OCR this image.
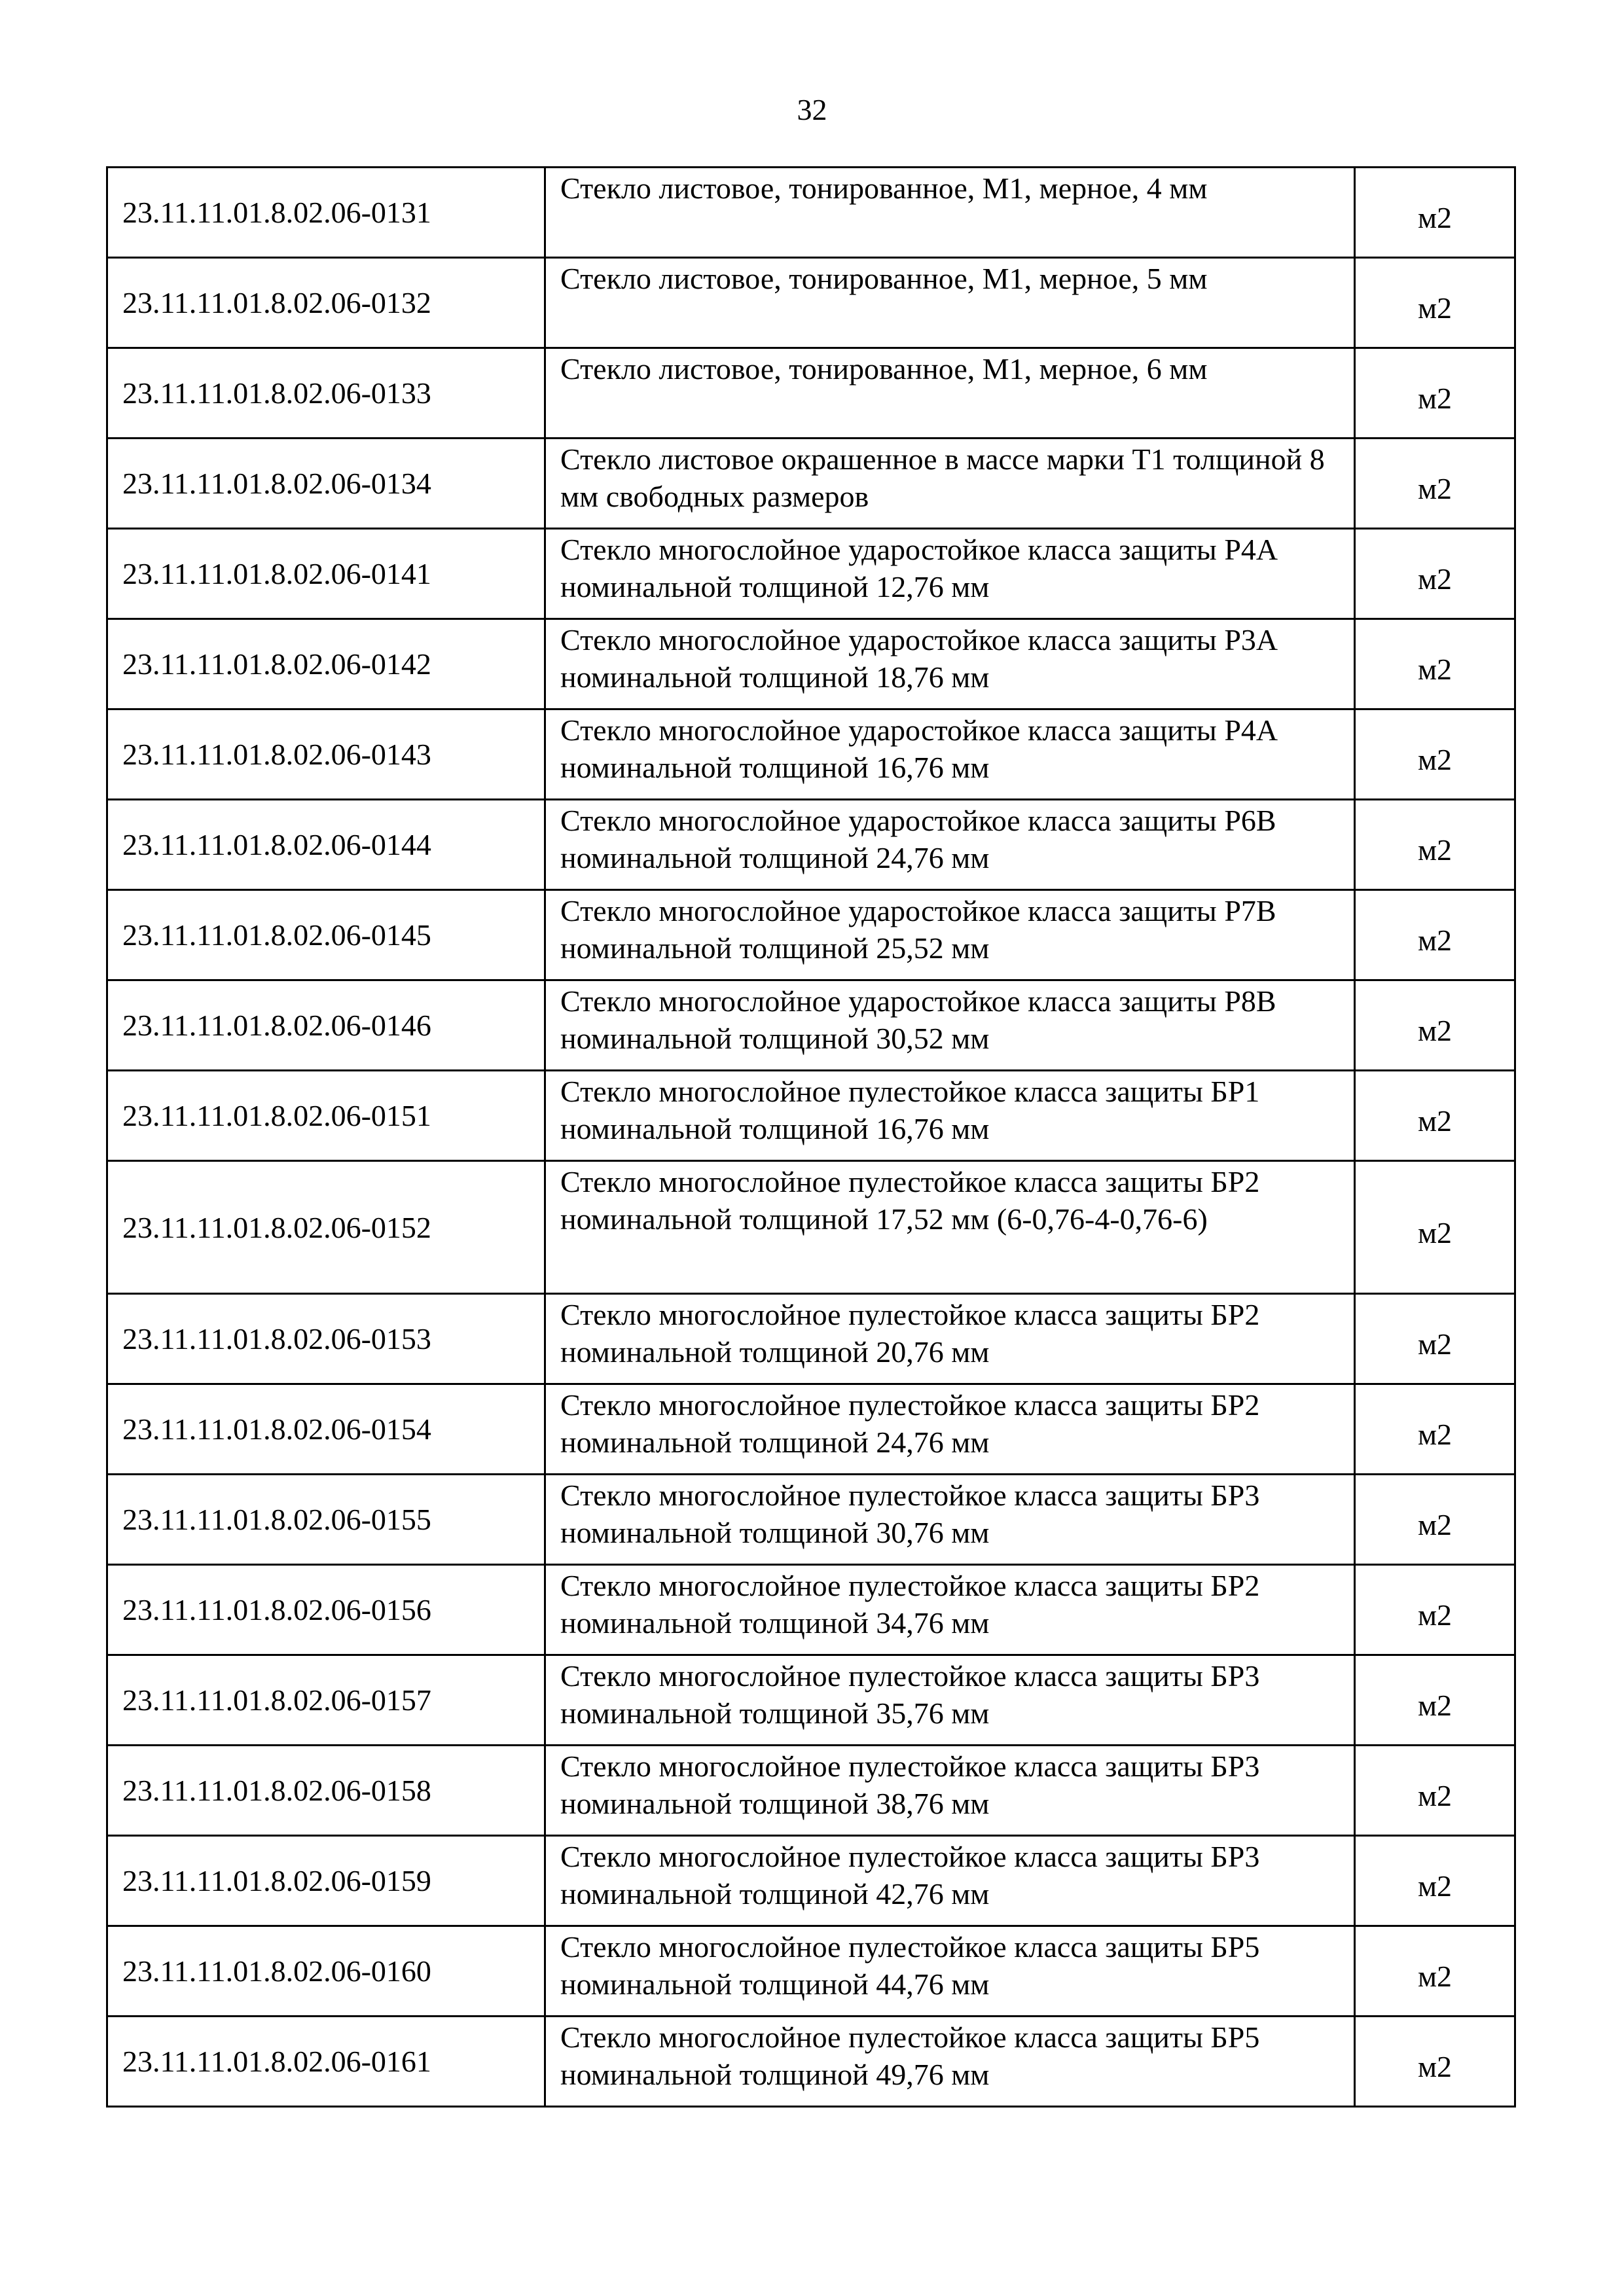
32
23.11.11.01.8.02.06-0131	Стекло листовое, тонированное, М1, мерное, 4 мм	м2
23.11.11.01.8.02.06-0132	Стекло листовое, тонированное, М1, мерное, 5 мм	м2
23.11.11.01.8.02.06-0133	Стекло листовое, тонированное, М1, мерное, 6 мм	м2
23.11.11.01.8.02.06-0134	Стекло листовое окрашенное в массе марки Т1 толщиной 8 мм свободных размеров	м2
23.11.11.01.8.02.06-0141	Стекло многослойное ударостойкое класса защиты Р4А номинальной толщиной 12,76 мм	м2
23.11.11.01.8.02.06-0142	Стекло многослойное ударостойкое класса защиты Р3А номинальной толщиной 18,76 мм	м2
23.11.11.01.8.02.06-0143	Стекло многослойное ударостойкое класса защиты Р4А номинальной толщиной 16,76 мм	м2
23.11.11.01.8.02.06-0144	Стекло многослойное ударостойкое класса защиты Р6В номинальной толщиной 24,76 мм	м2
23.11.11.01.8.02.06-0145	Стекло многослойное ударостойкое класса защиты Р7В номинальной толщиной 25,52 мм	м2
23.11.11.01.8.02.06-0146	Стекло многослойное ударостойкое класса защиты Р8В номинальной толщиной 30,52 мм	м2
23.11.11.01.8.02.06-0151	Стекло многослойное пулестойкое класса защиты БР1 номинальной толщиной 16,76 мм	м2
23.11.11.01.8.02.06-0152	Стекло многослойное пулестойкое класса защиты БР2 номинальной толщиной 17,52 мм (6-0,76-4-0,76-6)	м2
23.11.11.01.8.02.06-0153	Стекло многослойное пулестойкое класса защиты БР2 номинальной толщиной 20,76 мм	м2
23.11.11.01.8.02.06-0154	Стекло многослойное пулестойкое класса защиты БР2 номинальной толщиной 24,76 мм	м2
23.11.11.01.8.02.06-0155	Стекло многослойное пулестойкое класса защиты БР3 номинальной толщиной 30,76 мм	м2
23.11.11.01.8.02.06-0156	Стекло многослойное пулестойкое класса защиты БР2 номинальной толщиной 34,76 мм	м2
23.11.11.01.8.02.06-0157	Стекло многослойное пулестойкое класса защиты БР3 номинальной толщиной 35,76 мм	м2
23.11.11.01.8.02.06-0158	Стекло многослойное пулестойкое класса защиты БР3 номинальной толщиной 38,76 мм	м2
23.11.11.01.8.02.06-0159	Стекло многослойное пулестойкое класса защиты БР3 номинальной толщиной 42,76 мм	м2
23.11.11.01.8.02.06-0160	Стекло многослойное пулестойкое класса защиты БР5 номинальной толщиной 44,76 мм	м2
23.11.11.01.8.02.06-0161	Стекло многослойное пулестойкое класса защиты БР5 номинальной толщиной 49,76 мм	м2
